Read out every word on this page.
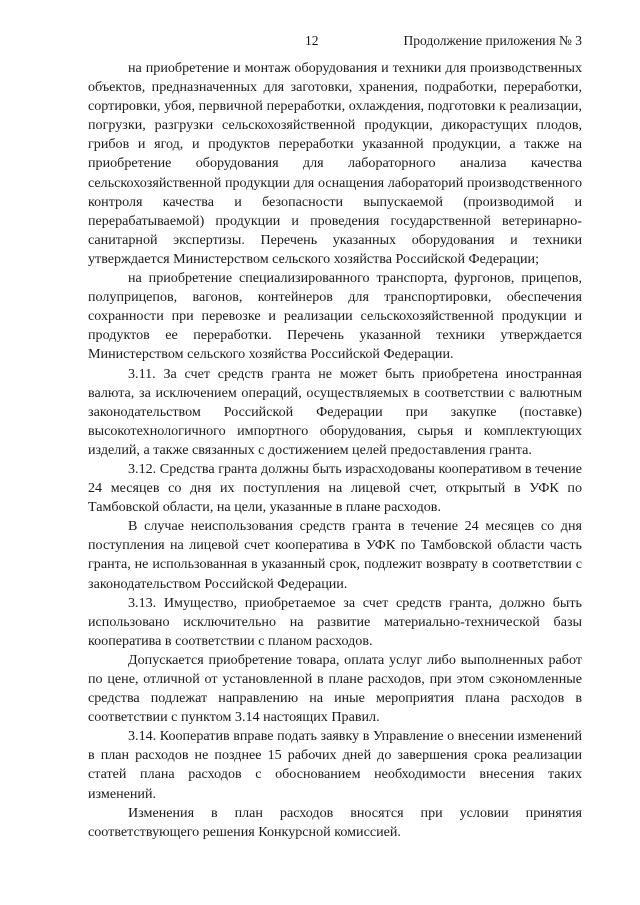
12	Продолжение приложения № 3

на приобретение и монтаж оборудования и техники для производственных объектов, предназначенных для заготовки, хранения, подработки, переработки, сортировки, убоя, первичной переработки, охлаждения, подготовки к реализации, погрузки, разгрузки сельскохозяйственной продукции, дикорастущих плодов, грибов и ягод, и продуктов переработки указанной продукции, а также на приобретение оборудования для лабораторного анализа качества сельскохозяйственной продукции для оснащения лабораторий производственного контроля качества и безопасности выпускаемой (производимой и перерабатываемой) продукции и проведения государственной ветеринарно-санитарной экспертизы. Перечень указанных оборудования и техники утверждается Министерством сельского хозяйства Российской Федерации;

на приобретение специализированного транспорта, фургонов, прицепов, полуприцепов, вагонов, контейнеров для транспортировки, обеспечения сохранности при перевозке и реализации сельскохозяйственной продукции и продуктов ее переработки. Перечень указанной техники утверждается Министерством сельского хозяйства Российской Федерации.

3.11. За счет средств гранта не может быть приобретена иностранная валюта, за исключением операций, осуществляемых в соответствии с валютным законодательством Российской Федерации при закупке (поставке) высокотехнологичного импортного оборудования, сырья и комплектующих изделий, а также связанных с достижением целей предоставления гранта.

3.12. Средства гранта должны быть израсходованы кооперативом в течение 24 месяцев со дня их поступления на лицевой счет, открытый в УФК по Тамбовской области, на цели, указанные в плане расходов.

В случае неиспользования средств гранта в течение 24 месяцев со дня поступления на лицевой счет кооператива в УФК по Тамбовской области часть гранта, не использованная в указанный срок, подлежит возврату в соответствии с законодательством Российской Федерации.

3.13. Имущество, приобретаемое за счет средств гранта, должно быть использовано исключительно на развитие материально-технической базы кооператива в соответствии с планом расходов.

Допускается приобретение товара, оплата услуг либо выполненных работ по цене, отличной от установленной в плане расходов, при этом сэкономленные средства подлежат направлению на иные мероприятия плана расходов в соответствии с пунктом 3.14 настоящих Правил.

3.14. Кооператив вправе подать заявку в Управление о внесении изменений в план расходов не позднее 15 рабочих дней до завершения срока реализации статей плана расходов с обоснованием необходимости внесения таких изменений.

Изменения в план расходов вносятся при условии принятия соответствующего решения Конкурсной комиссией.
